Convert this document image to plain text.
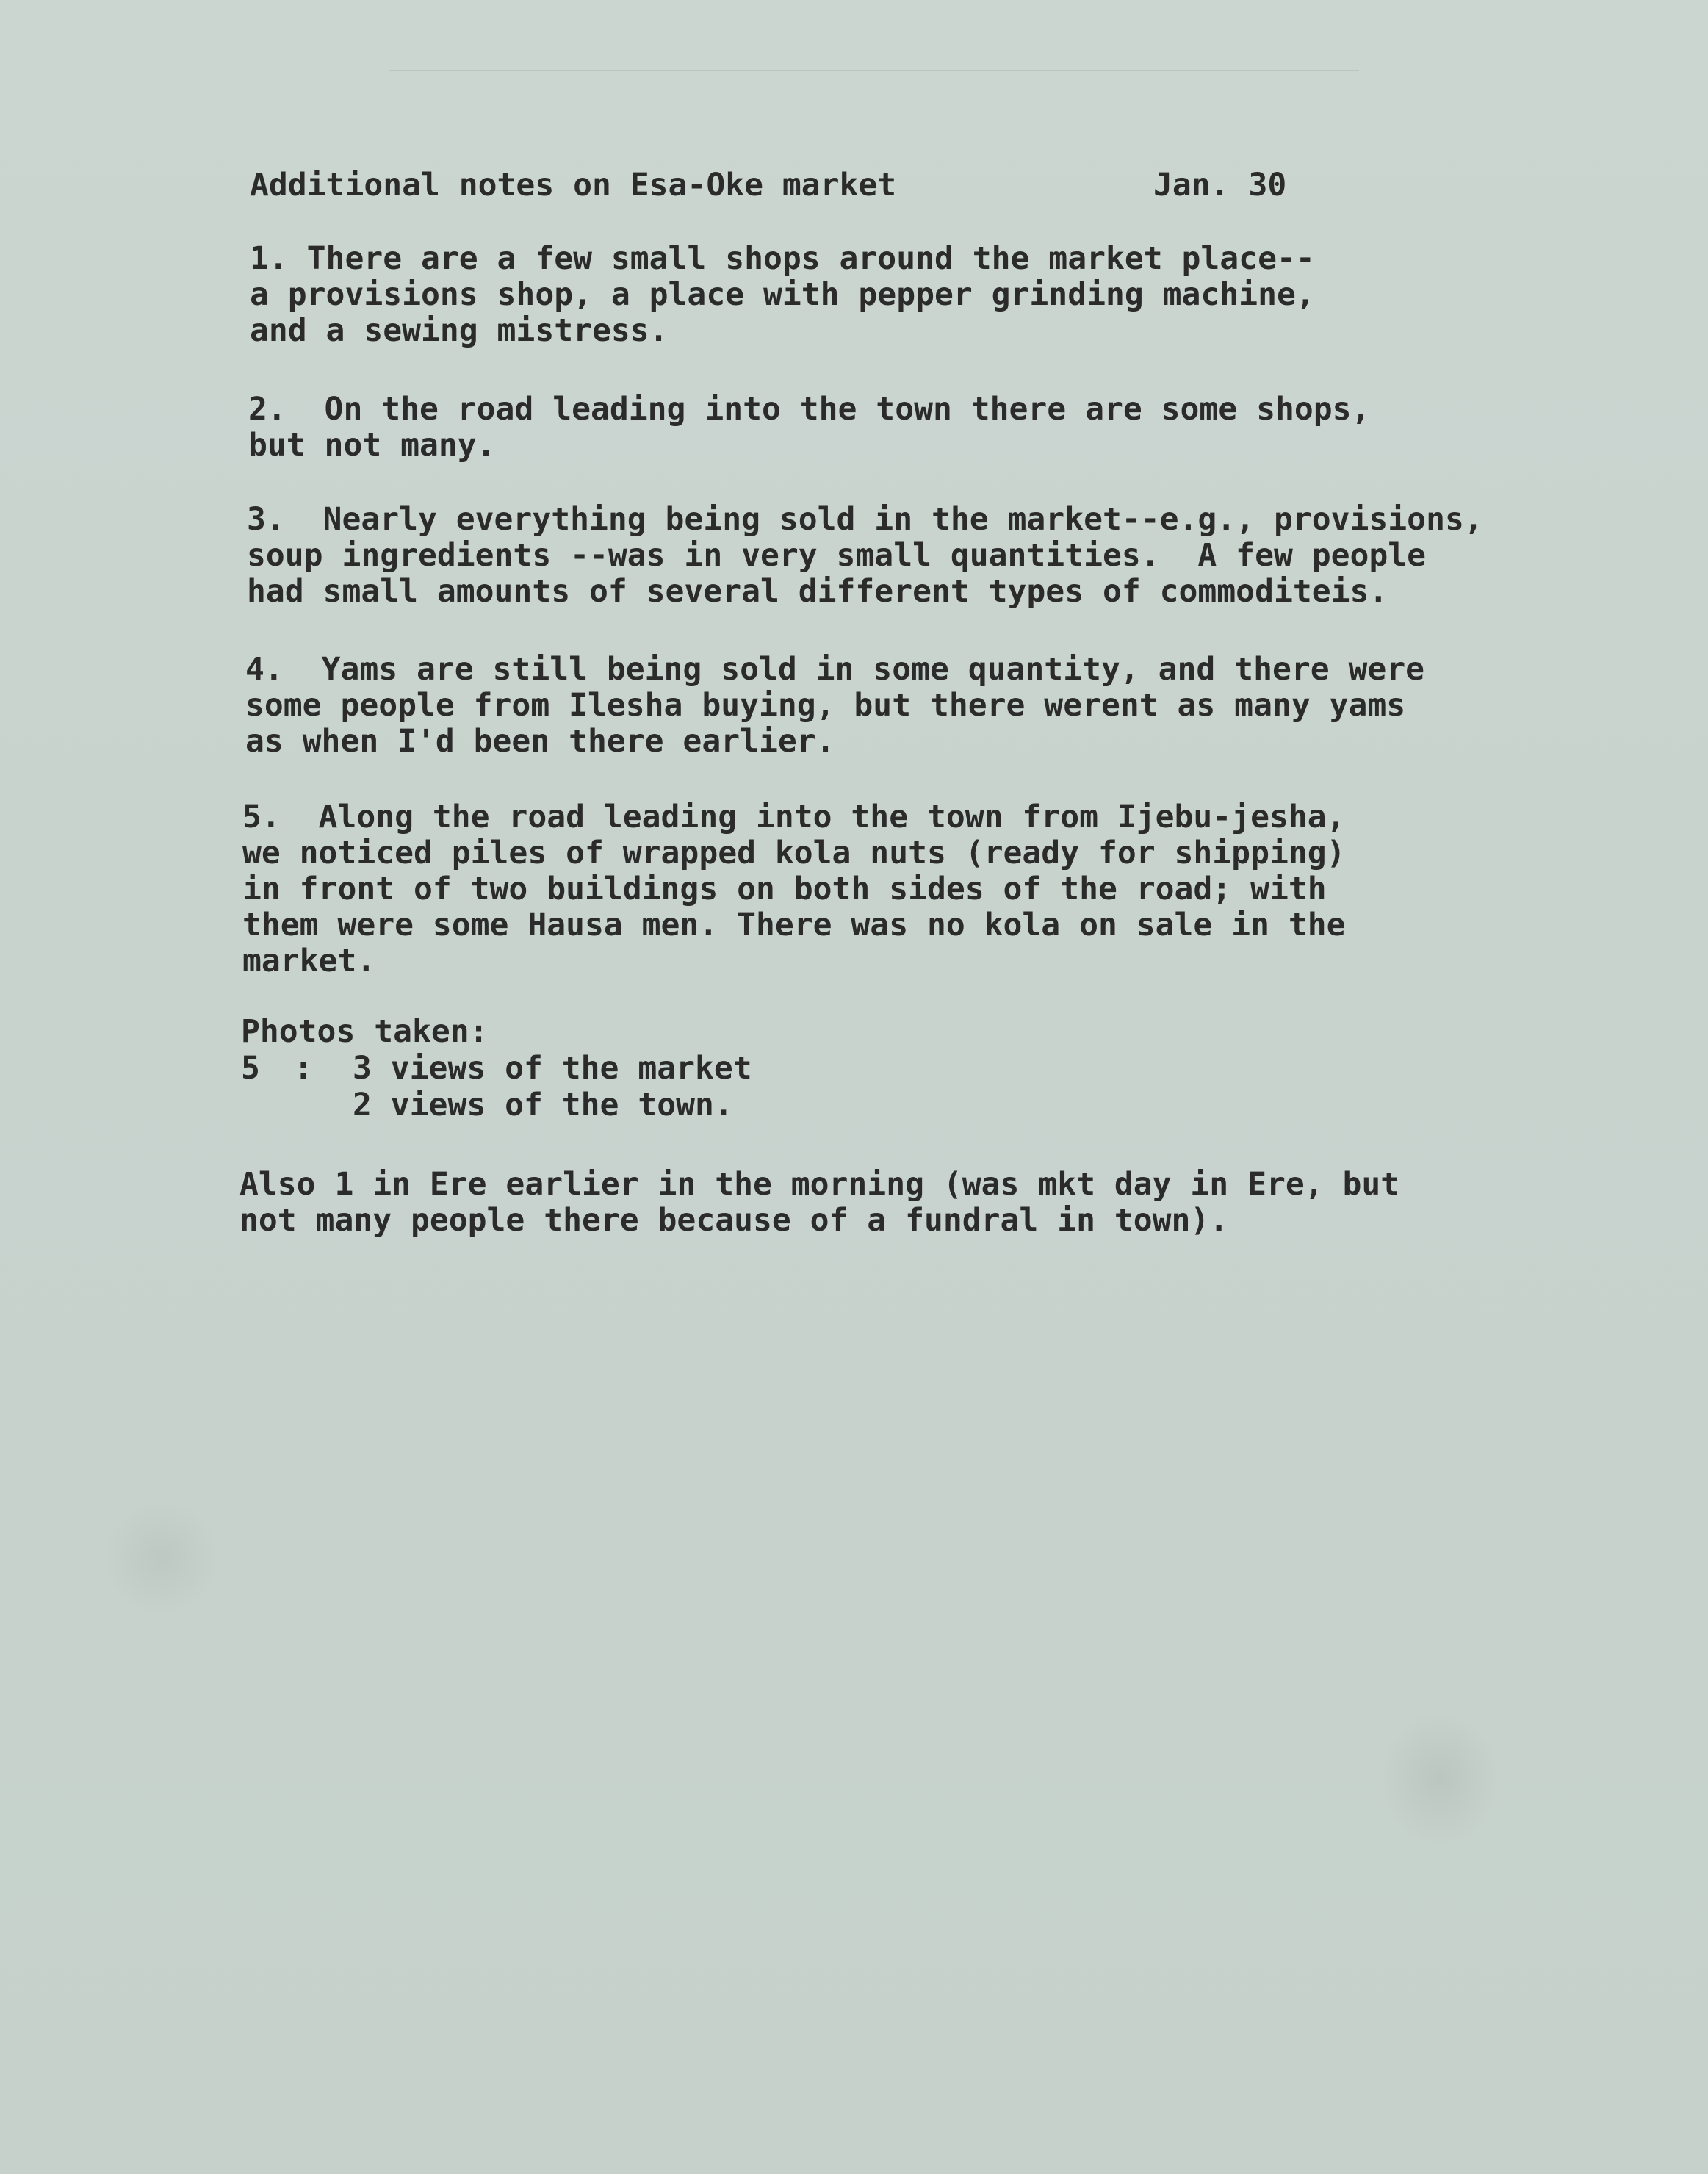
Additional notes on Esa-Oke market	Jan. 30
1. There are a few small shops around the market place--
a provisions shop, a place with pepper grinding machine,
and a sewing mistress.
2.  On the road leading into the town there are some shops,
but not many.
3.  Nearly everything being sold in the market--e.g., provisions,
soup ingredients --was in very small quantities.  A few people
had small amounts of several different types of commoditeis.
4.  Yams are still being sold in some quantity, and there were
some people from Ilesha buying, but there werent as many yams
as when I'd been there earlier.
5.  Along the road leading into the town from Ijebu-jesha,
we noticed piles of wrapped kola nuts (ready for shipping)
in front of two buildings on both sides of the road; with
them were some Hausa men. There was no kola on sale in the
market.
Photos taken:
5 : 3 views of the market
2 views of the town.
Also 1 in Ere earlier in the morning (was mkt day in Ere, but
not many people there because of a fundral in town).
